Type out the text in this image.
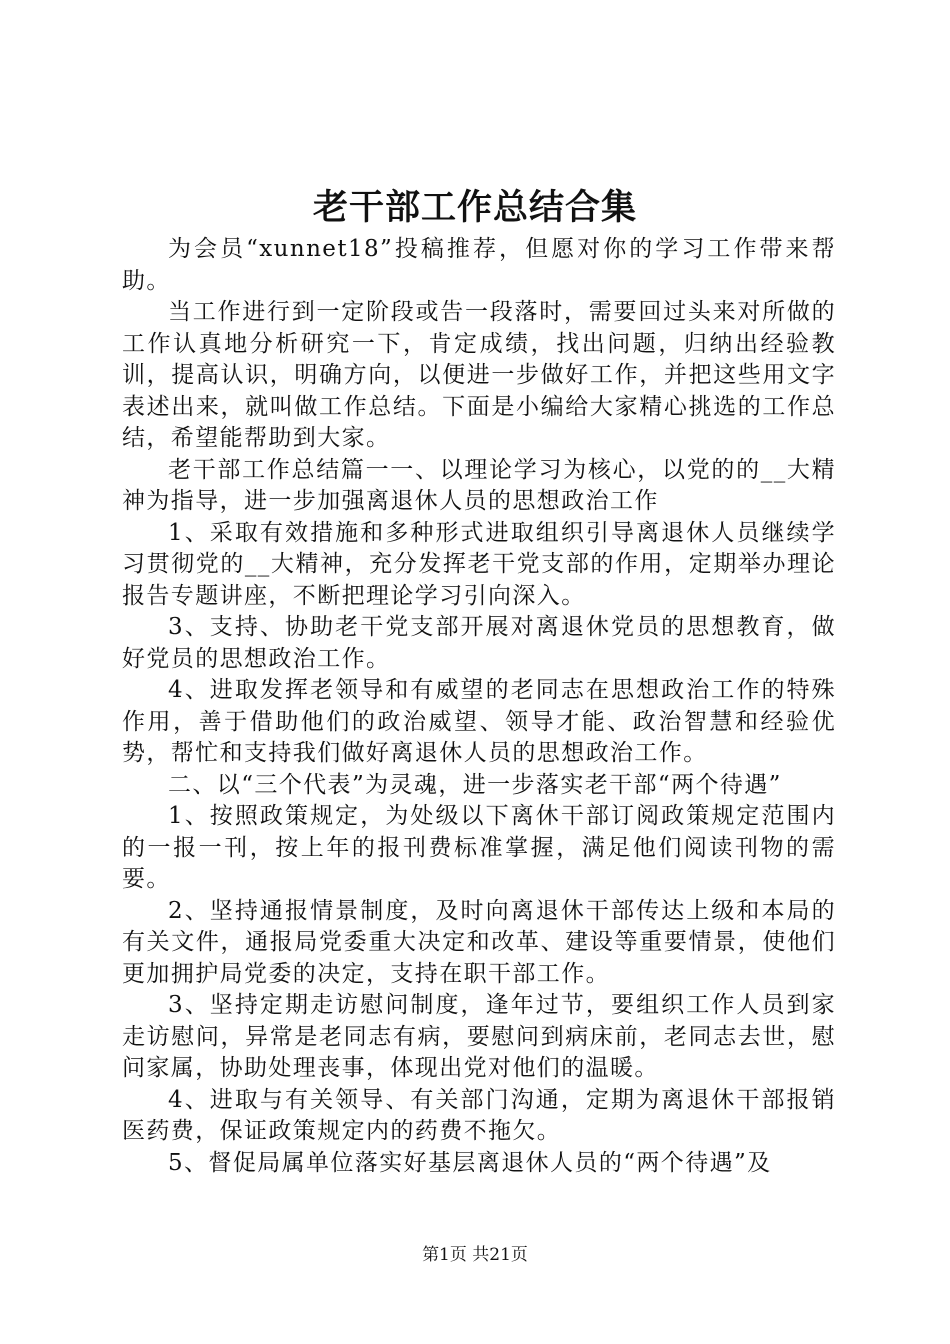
老干部工作总结合集

为会员“xunnet18”投稿推荐，但愿对你的学习工作带来帮助。

当工作进行到一定阶段或告一段落时，需要回过头来对所做的工作认真地分析研究一下，肯定成绩，找出问题，归纳出经验教训，提高认识，明确方向，以便进一步做好工作，并把这些用文字表述出来，就叫做工作总结。下面是小编给大家精心挑选的工作总结，希望能帮助到大家。

老干部工作总结篇一一、以理论学习为核心，以党的的__大精神为指导，进一步加强离退休人员的思想政治工作

1、采取有效措施和多种形式进取组织引导离退休人员继续学习贯彻党的__大精神，充分发挥老干党支部的作用，定期举办理论报告专题讲座，不断把理论学习引向深入。

3、支持、协助老干党支部开展对离退休党员的思想教育，做好党员的思想政治工作。

4、进取发挥老领导和有威望的老同志在思想政治工作的特殊作用，善于借助他们的政治威望、领导才能、政治智慧和经验优势，帮忙和支持我们做好离退休人员的思想政治工作。

二、以“三个代表”为灵魂，进一步落实老干部“两个待遇”

1、按照政策规定，为处级以下离休干部订阅政策规定范围内的一报一刊，按上年的报刊费标准掌握，满足他们阅读刊物的需要。

2、坚持通报情景制度，及时向离退休干部传达上级和本局的有关文件，通报局党委重大决定和改革、建设等重要情景，使他们更加拥护局党委的决定，支持在职干部工作。

3、坚持定期走访慰问制度，逢年过节，要组织工作人员到家走访慰问，异常是老同志有病，要慰问到病床前，老同志去世，慰问家属，协助处理丧事，体现出党对他们的温暖。

4、进取与有关领导、有关部门沟通，定期为离退休干部报销医药费，保证政策规定内的药费不拖欠。

5、督促局属单位落实好基层离退休人员的“两个待遇”及

第1页 共21页
